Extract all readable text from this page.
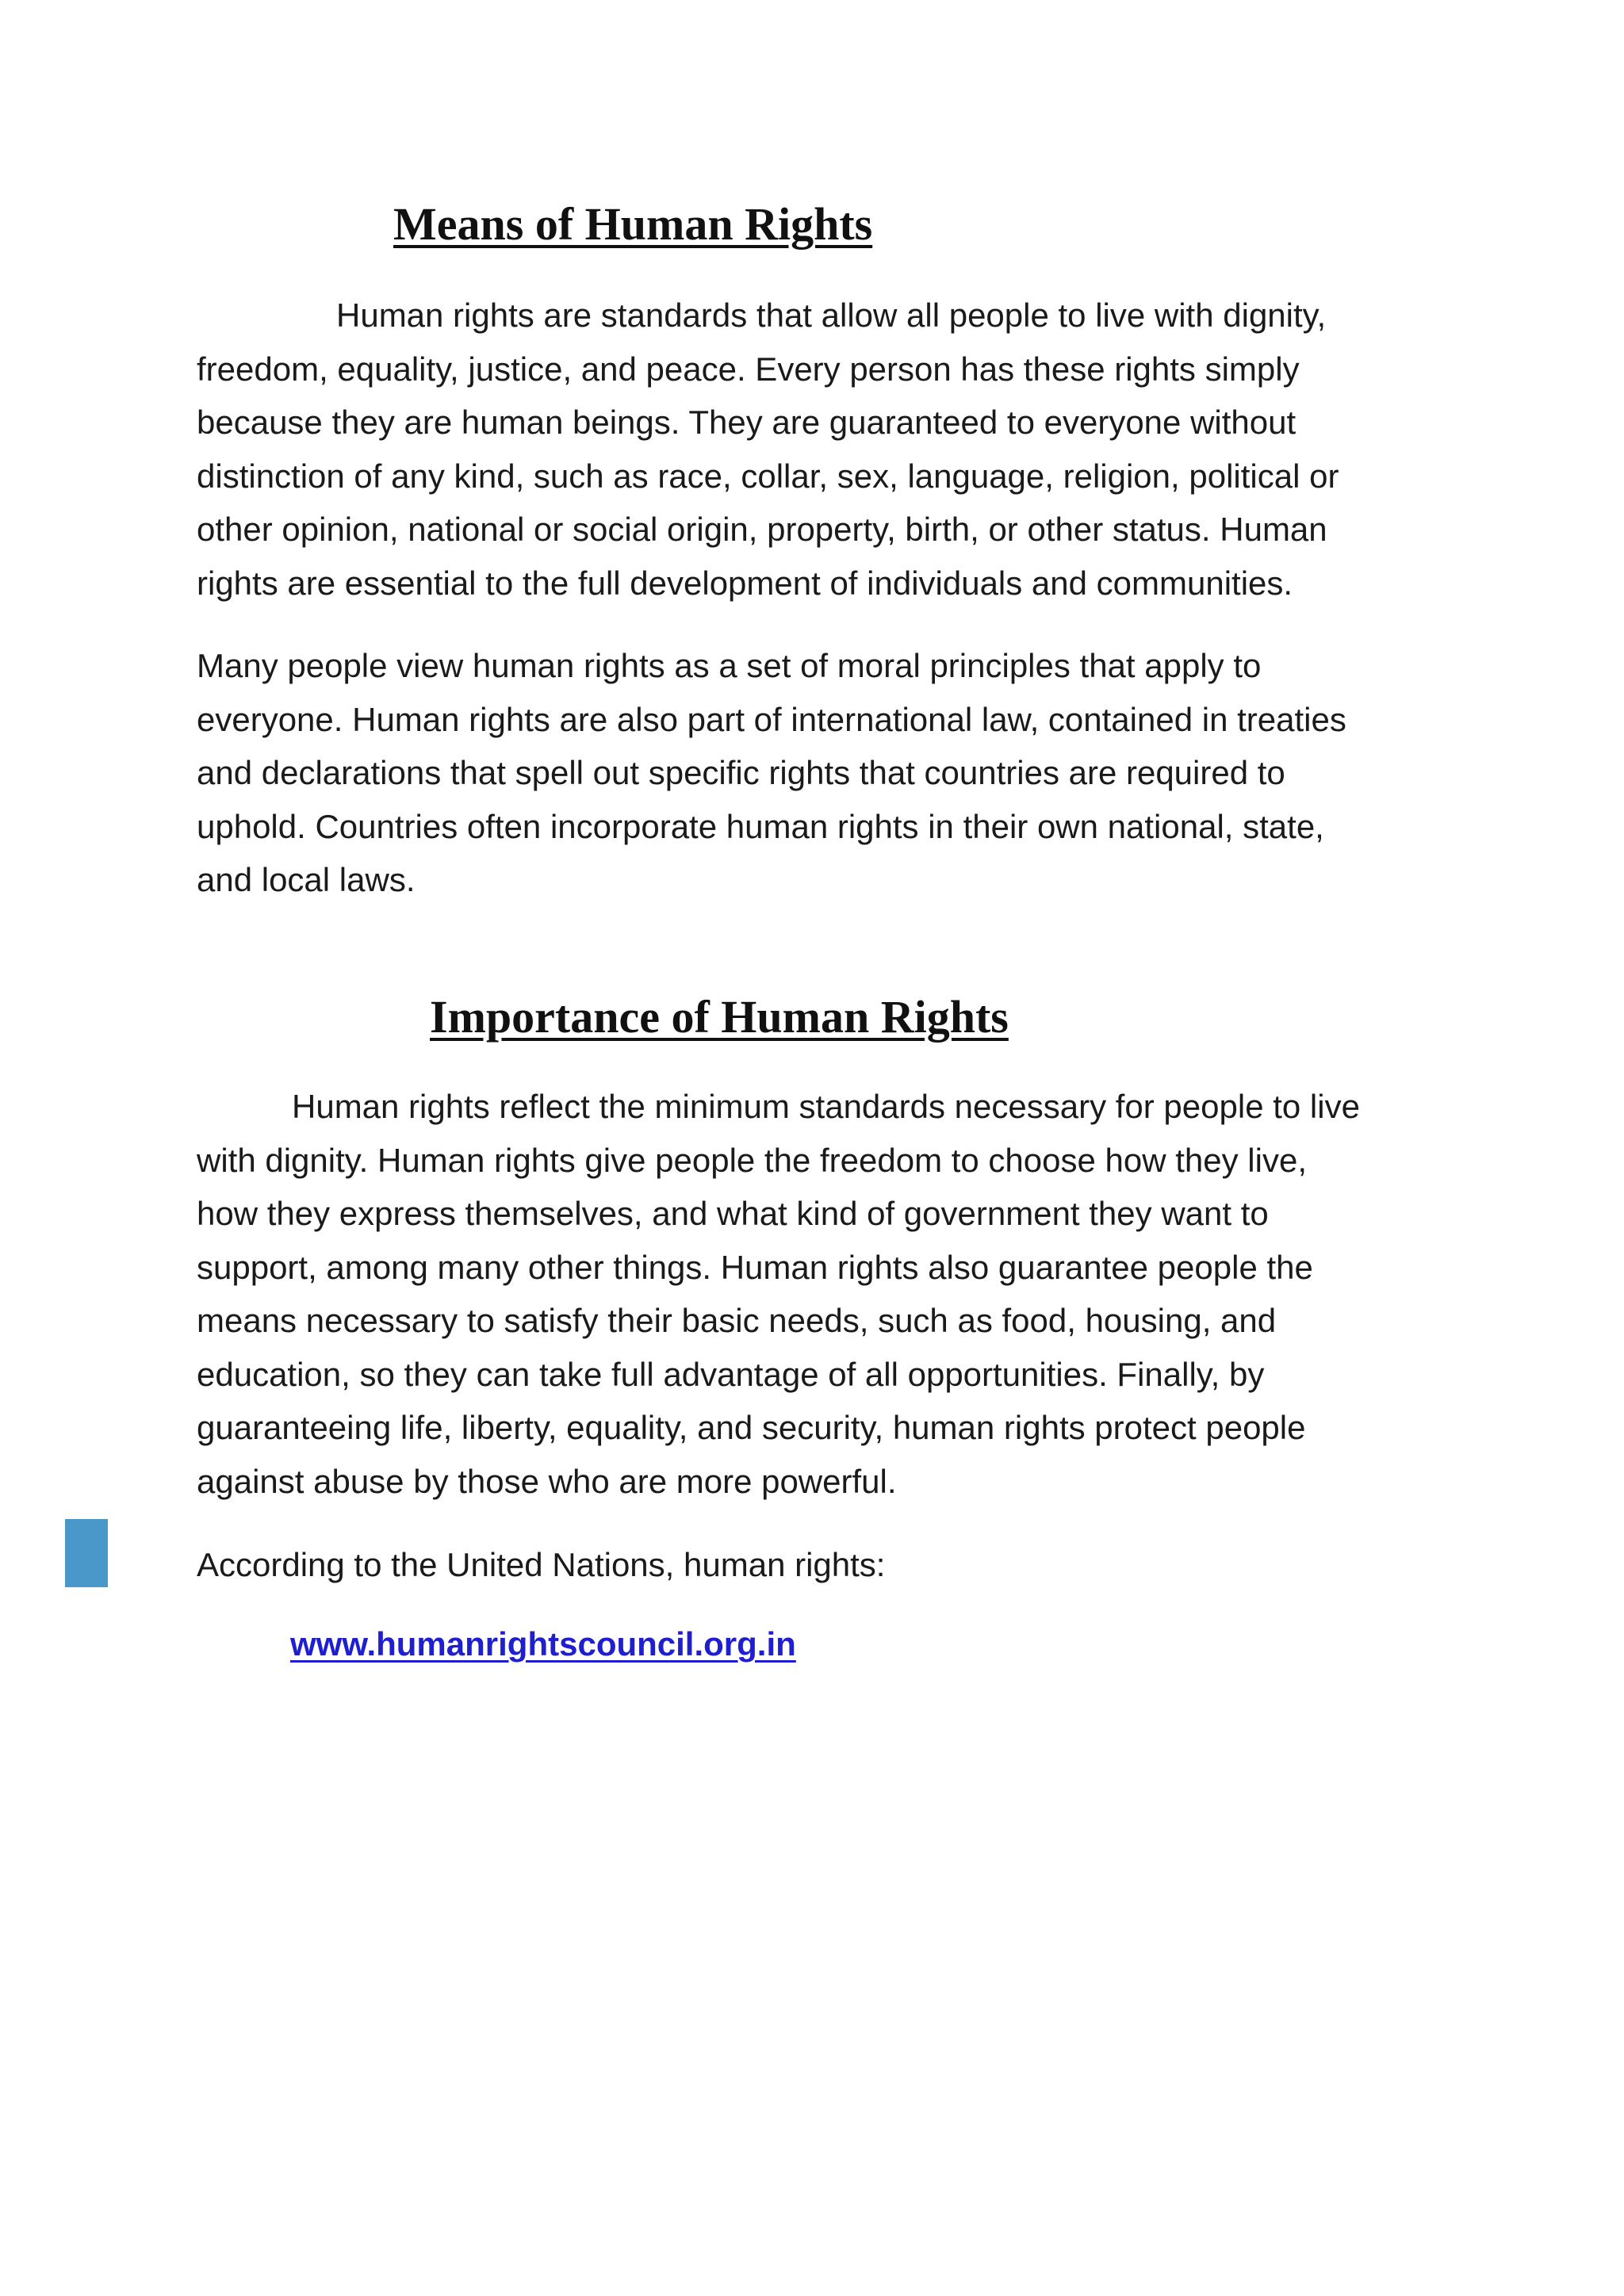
Means of Human Rights

Human rights are standards that allow all people to live with dignity,
freedom, equality, justice, and peace. Every person has these rights simply
because they are human beings. They are guaranteed to everyone without
distinction of any kind, such as race, collar, sex, language, religion, political or
other opinion, national or social origin, property, birth, or other status. Human
rights are essential to the full development of individuals and communities.

Many people view human rights as a set of moral principles that apply to
everyone. Human rights are also part of international law, contained in treaties
and declarations that spell out specific rights that countries are required to
uphold. Countries often incorporate human rights in their own national, state,
and local laws.

Importance of Human Rights

Human rights reflect the minimum standards necessary for people to live
with dignity. Human rights give people the freedom to choose how they live,
how they express themselves, and what kind of government they want to
support, among many other things. Human rights also guarantee people the
means necessary to satisfy their basic needs, such as food, housing, and
education, so they can take full advantage of all opportunities. Finally, by
guaranteeing life, liberty, equality, and security, human rights protect people
against abuse by those who are more powerful.

According to the United Nations, human rights:

www.humanrightscouncil.org.in
